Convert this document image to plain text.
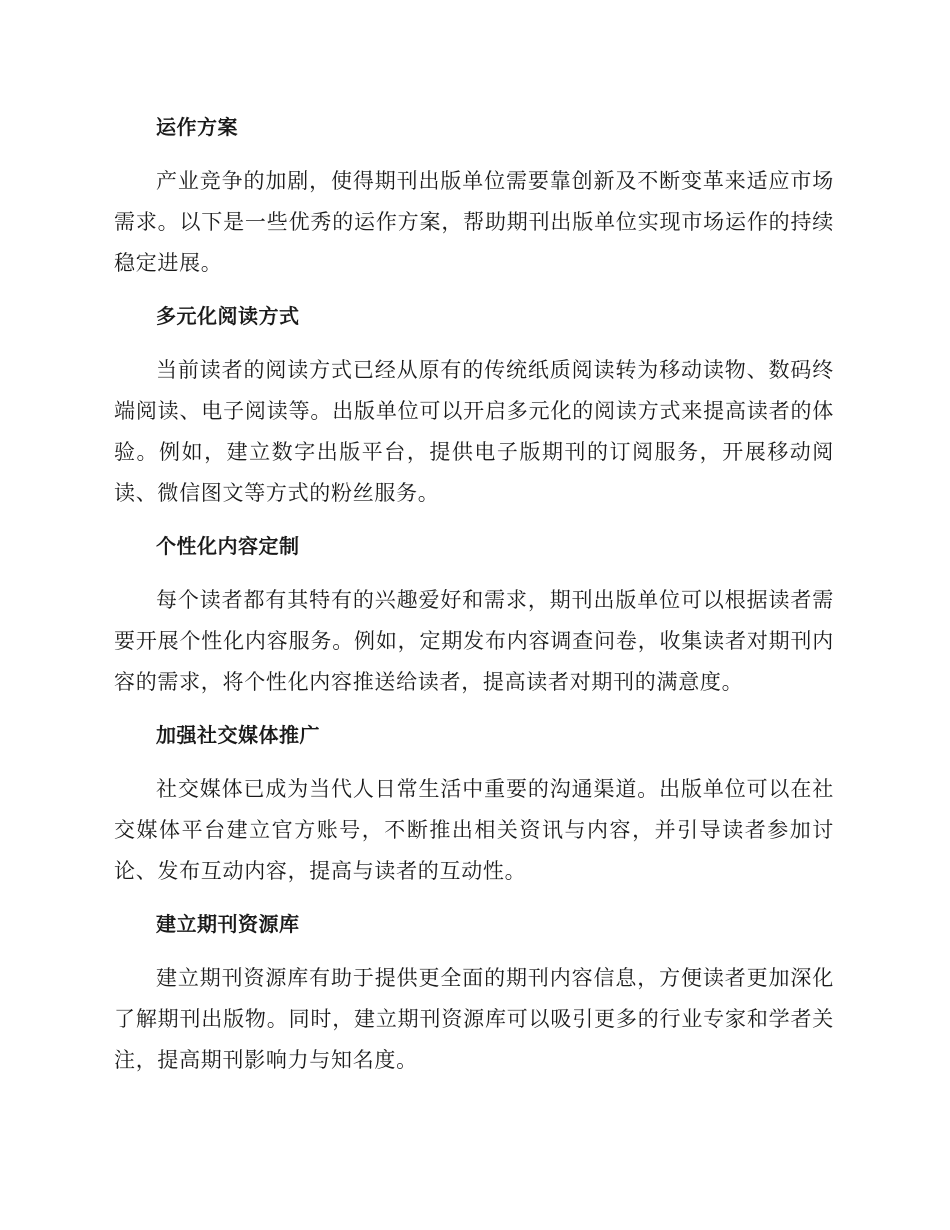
运作方案

产业竞争的加剧，使得期刊出版单位需要靠创新及不断变革来适应市场需求。以下是一些优秀的运作方案，帮助期刊出版单位实现市场运作的持续稳定进展。

多元化阅读方式

当前读者的阅读方式已经从原有的传统纸质阅读转为移动读物、数码终端阅读、电子阅读等。出版单位可以开启多元化的阅读方式来提高读者的体验。例如，建立数字出版平台，提供电子版期刊的订阅服务，开展移动阅读、微信图文等方式的粉丝服务。

个性化内容定制

每个读者都有其特有的兴趣爱好和需求，期刊出版单位可以根据读者需要开展个性化内容服务。例如，定期发布内容调查问卷，收集读者对期刊内容的需求，将个性化内容推送给读者，提高读者对期刊的满意度。

加强社交媒体推广

社交媒体已成为当代人日常生活中重要的沟通渠道。出版单位可以在社交媒体平台建立官方账号，不断推出相关资讯与内容，并引导读者参加讨论、发布互动内容，提高与读者的互动性。

建立期刊资源库

建立期刊资源库有助于提供更全面的期刊内容信息，方便读者更加深化了解期刊出版物。同时，建立期刊资源库可以吸引更多的行业专家和学者关注，提高期刊影响力与知名度。
